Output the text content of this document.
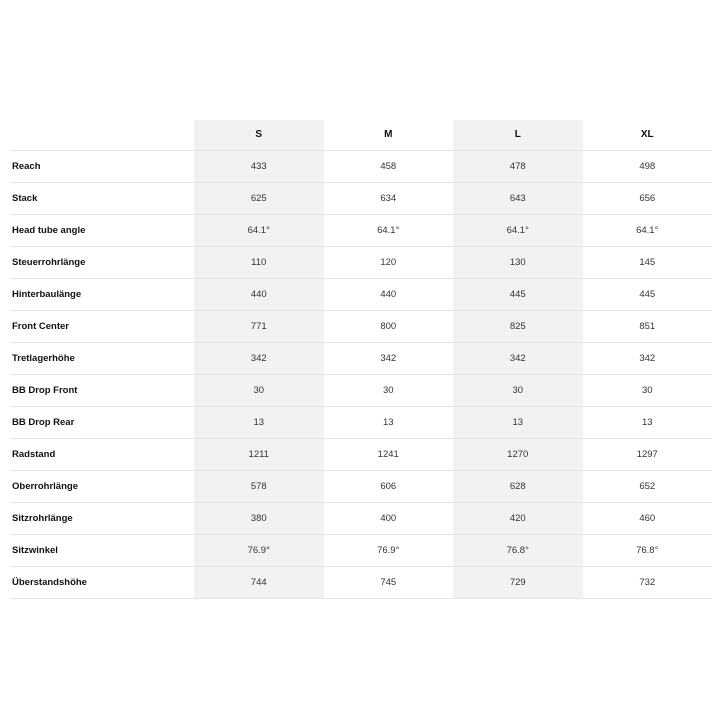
	S	M	L	XL
Reach	433	458	478	498
Stack	625	634	643	656
Head tube angle	64.1°	64.1°	64.1°	64.1°
Steuerrohrlänge	110	120	130	145
Hinterbaulänge	440	440	445	445
Front Center	771	800	825	851
Tretlagerhöhe	342	342	342	342
BB Drop Front	30	30	30	30
BB Drop Rear	13	13	13	13
Radstand	1211	1241	1270	1297
Oberrohrlänge	578	606	628	652
Sitzrohrlänge	380	400	420	460
Sitzwinkel	76.9°	76.9°	76.8°	76.8°
Überstandshöhe	744	745	729	732
